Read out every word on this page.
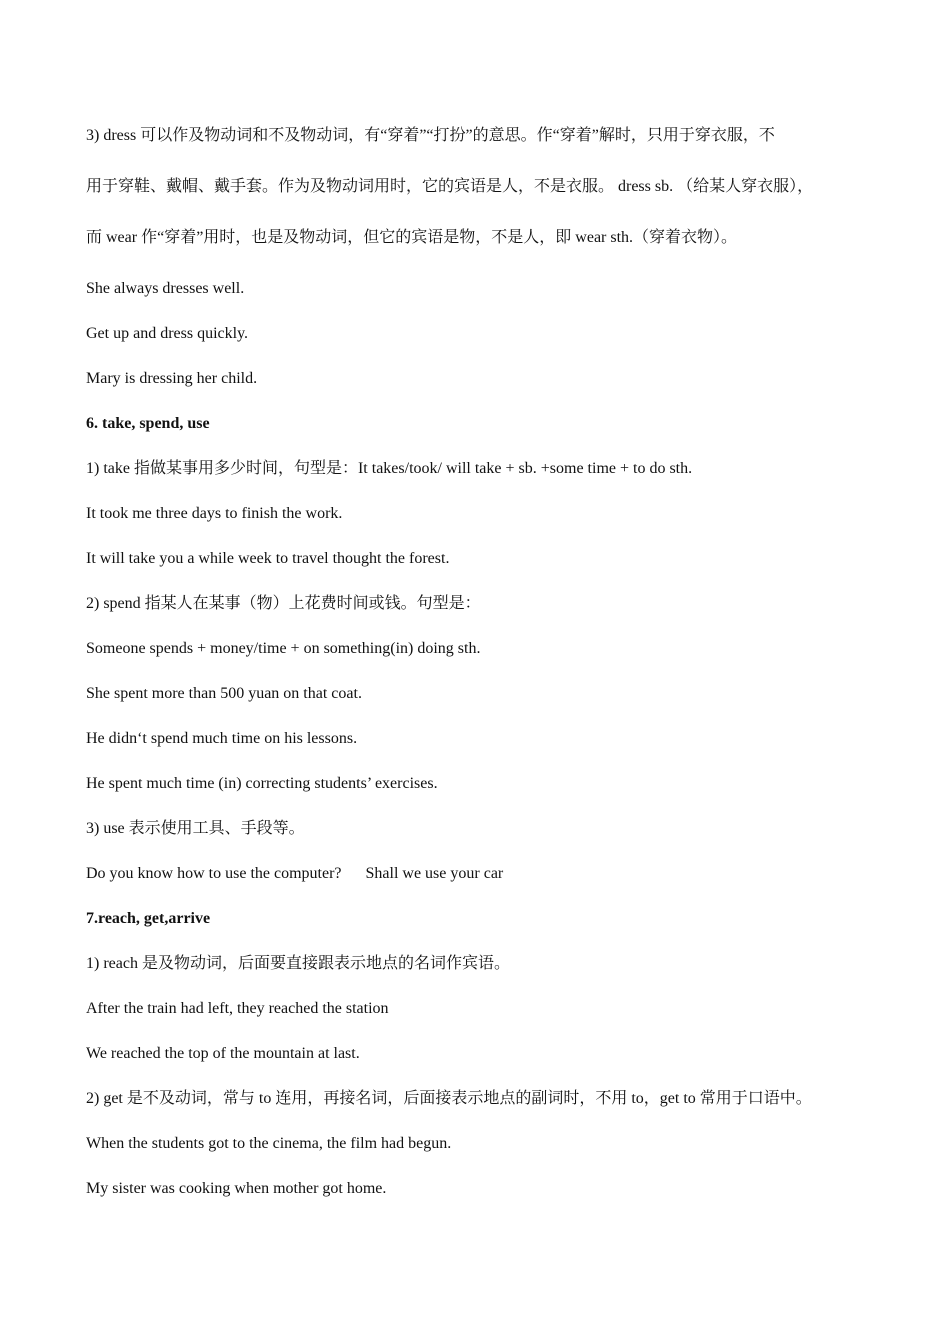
3) dress 可以作及物动词和不及物动词，有“穿着”“打扮”的意思。作“穿着”解时，只用于穿衣服，不

用于穿鞋、戴帽、戴手套。作为及物动词用时，它的宾语是人，不是衣服。 dress sb. （给某人穿衣服），

而 wear 作“穿着”用时，也是及物动词，但它的宾语是物，不是人，即 wear sth.（穿着衣物）。

She always dresses well.

Get up and dress quickly.

Mary is dressing her child.

6. take, spend, use

1) take 指做某事用多少时间，句型是：It takes/took/ will take + sb. +some time + to do sth.

It took me three days to finish the work.

It will take you a while week to travel thought the forest.

2) spend 指某人在某事（物）上花费时间或钱。句型是：

Someone spends + money/time + on something(in) doing sth.

She spent more than 500 yuan on that coat.

He didn‘t spend much time on his lessons.

He spent much time (in) correcting students’ exercises.

3) use 表示使用工具、手段等。

Do you know how to use the computer?      Shall we use your car

7.reach, get,arrive

1) reach 是及物动词，后面要直接跟表示地点的名词作宾语。

After the train had left, they reached the station

We reached the top of the mountain at last.

2) get 是不及动词，常与 to 连用，再接名词，后面接表示地点的副词时，不用 to，get to 常用于口语中。

When the students got to the cinema, the film had begun.

My sister was cooking when mother got home.
